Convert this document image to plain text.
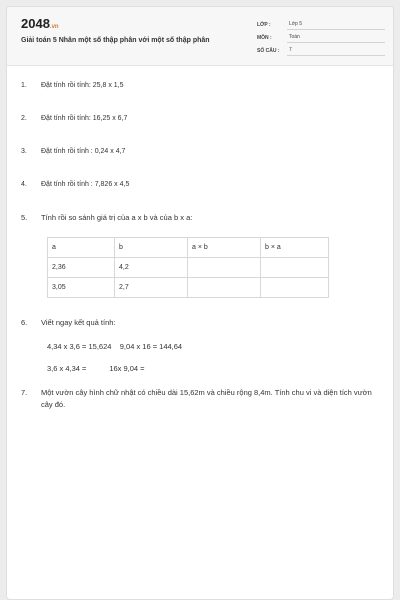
2048.vn
Giải toán 5 Nhân một số thập phân với một số thập phân
LỚP :	Lớp 5
MÔN :	Toán
SỐ CÂU :	7
1.	Đặt tính rồi tính: 25,8 x 1,5
2.	Đặt tính rồi tính: 16,25 x 6,7
3.	Đặt tính rồi tính : 0,24 x 4,7
4.	Đặt tính rồi tính : 7,826 x 4,5
5.	Tính rồi so sánh giá trị của a x b và của b x a:
a	b	a × b	b × a
2,36	4,2		
3,05	2,7		
6.	Viết ngay kết quả tính:
4,34 x 3,6 = 15,624    9,04 x 16 = 144,64
3,6 x 4,34 =           16x 9,04 =
7.	Một vườn cây hình chữ nhật có chiều dài 15,62m và chiều rộng 8,4m. Tính chu vi và diện tích vườn cây đó.
